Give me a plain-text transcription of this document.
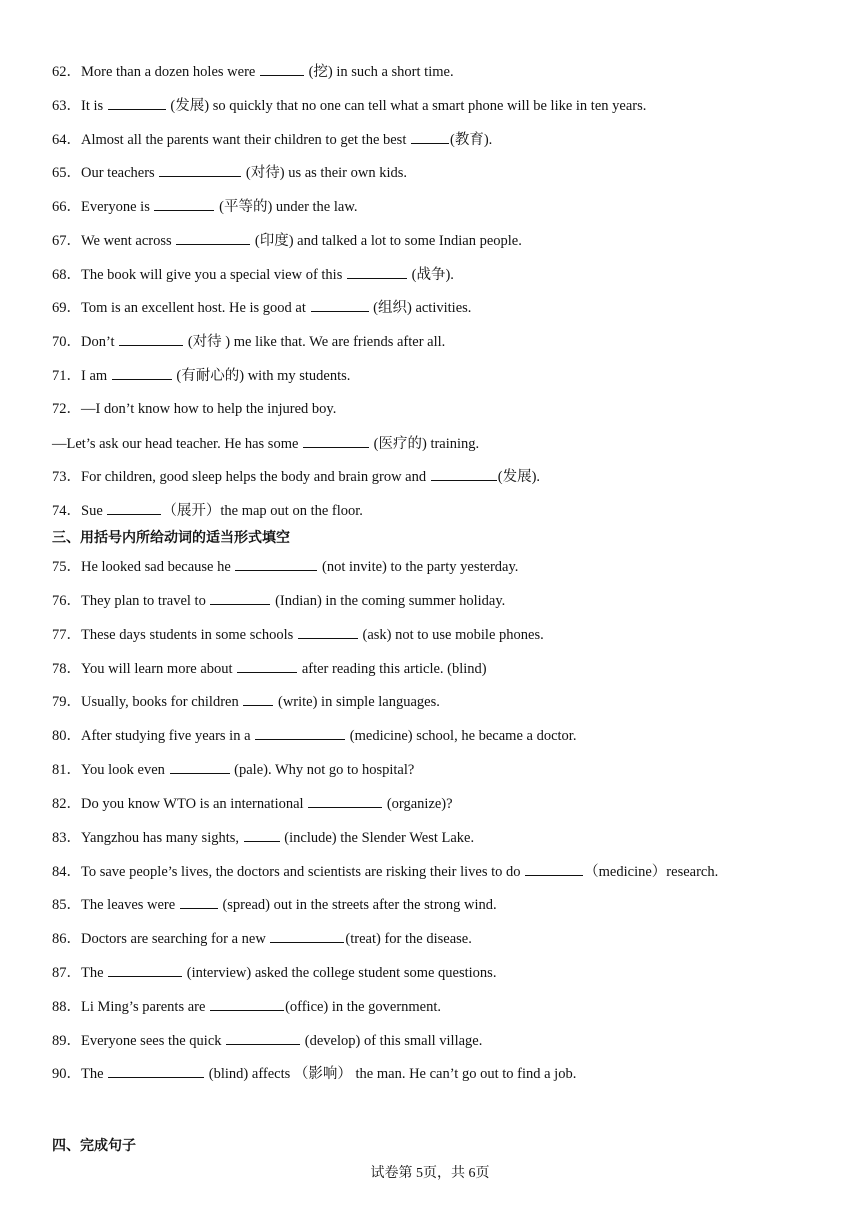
62．More than a dozen holes were	(挖) in such a short time.
63．It is	(发展) so quickly that no one can tell what a smart phone will be like in ten years.
64．Almost all the parents want their children to get the best	(教育).
65．Our teachers	(对待) us as their own kids.
66．Everyone is	(平等的) under the law.
67．We went across	(印度) and talked a lot to some Indian people.
68．The book will give you a special view of this	(战争).
69．Tom is an excellent host. He is good at	(组织) activities.
70．Don’t	(对待 ) me like that. We are friends after all.
71．I am	(有耐心的) with my students.
72．—I don’t know how to help the injured boy.
—Let’s ask our head teacher. He has some	(医疗的) training.
73．For children, good sleep helps the body and brain grow and	(发展).
74．Sue	（展开）the map out on the floor.
三、用括号内所给动词的适当形式填空
75．He looked sad because he	(not invite) to the party yesterday.
76．They plan to travel to	(Indian) in the coming summer holiday.
77．These days students in some schools	(ask) not to use mobile phones.
78．You will learn more about	after reading this article. (blind)
79．Usually, books for children  (write) in simple languages.
80．After studying five years in a	(medicine) school, he became a doctor.
81．You look even	(pale). Why not go to hospital?
82．Do you know WTO is an international	(organize)?
83．Yangzhou has many sights,	(include) the Slender West Lake.
84．To save people’s lives, the doctors and scientists are risking their lives to do	（medicine）research.
85．The leaves were	(spread) out in the streets after the strong wind.
86．Doctors are searching for a new	(treat) for the disease.
87．The	(interview) asked the college student some questions.
88．Li Ming’s parents are	(office) in the government.
89．Everyone sees the quick	(develop) of this small village.
90．The	(blind) affects （影响） the man. He can’t go out to find a job.
四、完成句子
试卷第 5页，共 6页
